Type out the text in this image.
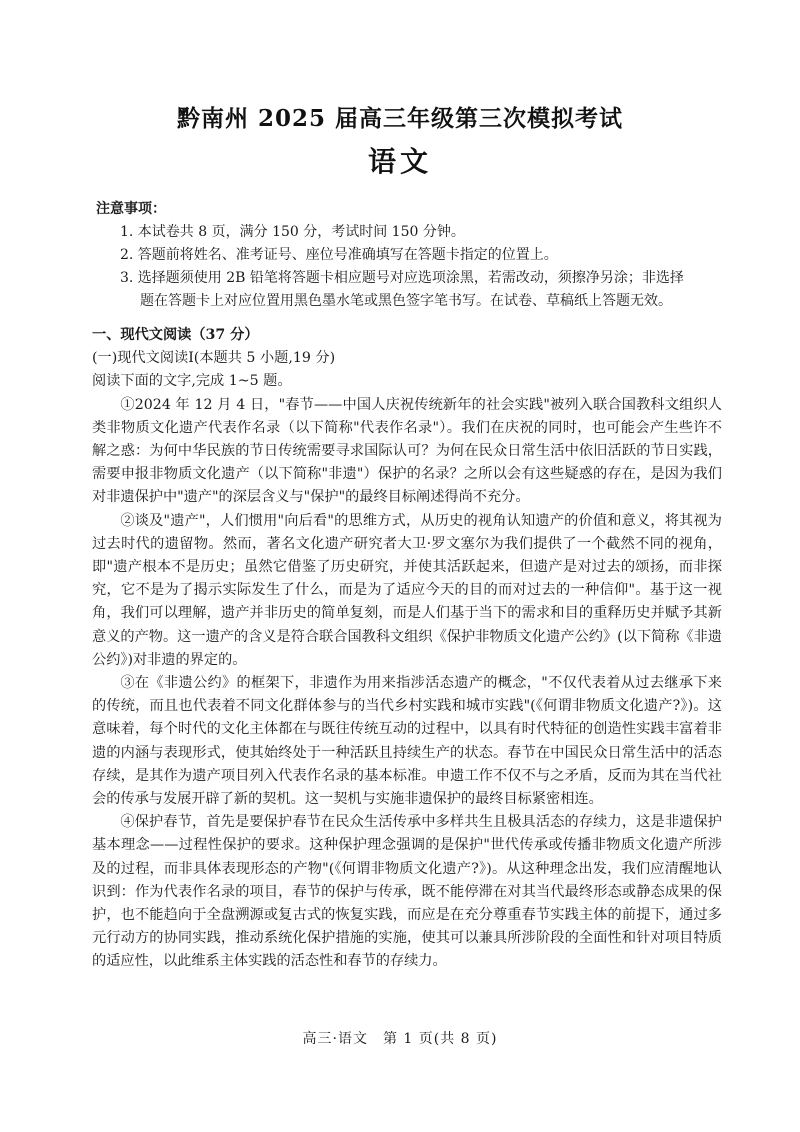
黔南州 2025 届高三年级第三次模拟考试
语文
注意事项：
1. 本试卷共 8 页，满分 150 分，考试时间 150 分钟。
2. 答题前将姓名、准考证号、座位号准确填写在答题卡指定的位置上。
3. 选择题须使用 2B 铅笔将答题卡相应题号对应选项涂黑，若需改动，须擦净另涂；非选择
题在答题卡上对应位置用黑色墨水笔或黑色签字笔书写。在试卷、草稿纸上答题无效。
一、现代文阅读（37 分）
(一)现代文阅读Ⅰ(本题共 5 小题,19 分)
阅读下面的文字,完成 1~5 题。
①2024 年 12 月 4 日，"春节——中国人庆祝传统新年的社会实践"被列入联合国教科文组织人类非物质文化遗产代表作名录（以下简称"代表作名录"）。我们在庆祝的同时，也可能会产生些许不解之惑：为何中华民族的节日传统需要寻求国际认可？为何在民众日常生活中依旧活跃的节日实践，需要申报非物质文化遗产（以下简称"非遗"）保护的名录？之所以会有这些疑惑的存在，是因为我们对非遗保护中"遗产"的深层含义与"保护"的最终目标阐述得尚不充分。
②谈及"遗产"，人们惯用"向后看"的思维方式，从历史的视角认知遗产的价值和意义，将其视为过去时代的遗留物。然而，著名文化遗产研究者大卫·罗文塞尔为我们提供了一个截然不同的视角，即"遗产根本不是历史；虽然它借鉴了历史研究，并使其活跃起来，但遗产是对过去的颂扬，而非探究，它不是为了揭示实际发生了什么，而是为了适应今天的目的而对过去的一种信仰"。基于这一视角，我们可以理解，遗产并非历史的简单复刻，而是人们基于当下的需求和目的重释历史并赋予其新意义的产物。这一遗产的含义是符合联合国教科文组织《保护非物质文化遗产公约》(以下简称《非遗公约》)对非遗的界定的。
③在《非遗公约》的框架下，非遗作为用来指涉活态遗产的概念，"不仅代表着从过去继承下来的传统，而且也代表着不同文化群体参与的当代乡村实践和城市实践"(《何谓非物质文化遗产?》)。这意味着，每个时代的文化主体都在与既往传统互动的过程中，以具有时代特征的创造性实践丰富着非遗的内涵与表现形式，使其始终处于一种活跃且持续生产的状态。春节在中国民众日常生活中的活态存续，是其作为遗产项目列入代表作名录的基本标准。申遗工作不仅不与之矛盾，反而为其在当代社会的传承与发展开辟了新的契机。这一契机与实施非遗保护的最终目标紧密相连。
④保护春节，首先是要保护春节在民众生活传承中多样共生且极具活态的存续力，这是非遗保护基本理念——过程性保护的要求。这种保护理念强调的是保护"世代传承或传播非物质文化遗产所涉及的过程，而非具体表现形态的产物"(《何谓非物质文化遗产?》)。从这种理念出发，我们应清醒地认识到：作为代表作名录的项目，春节的保护与传承，既不能停滞在对其当代最终形态或静态成果的保护，也不能趋向于全盘溯源或复古式的恢复实践，而应是在充分尊重春节实践主体的前提下，通过多元行动方的协同实践，推动系统化保护措施的实施，使其可以兼具所涉阶段的全面性和针对项目特质的适应性，以此维系主体实践的活态性和春节的存续力。
高三·语文　第 1 页(共 8 页)
